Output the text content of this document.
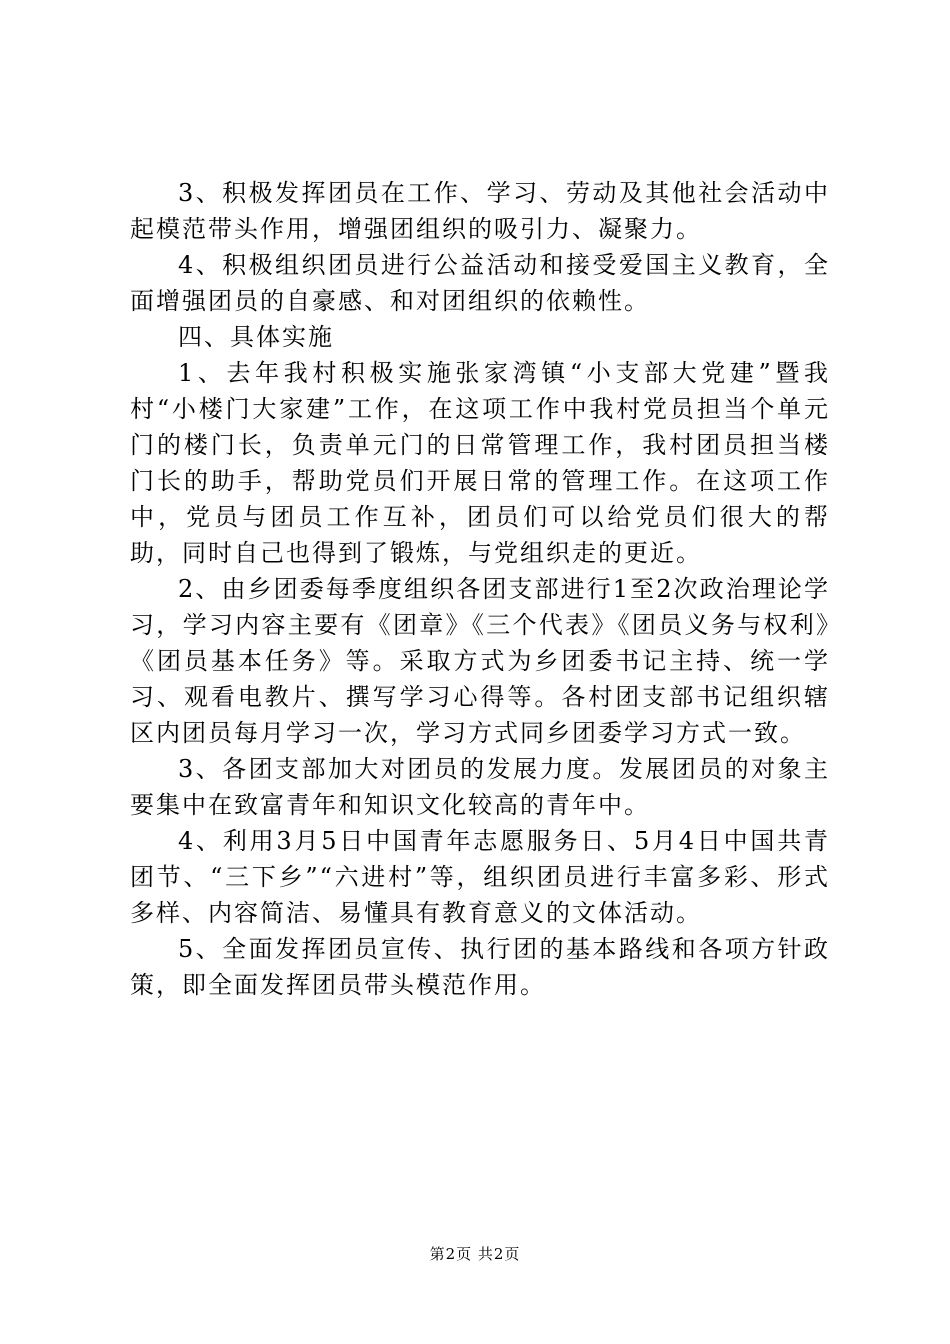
3、积极发挥团员在工作、学习、劳动及其他社会活动中起模范带头作用，增强团组织的吸引力、凝聚力。

4、积极组织团员进行公益活动和接受爱国主义教育，全面增强团员的自豪感、和对团组织的依赖性。

四、具体实施

1、去年我村积极实施张家湾镇“小支部大党建”暨我村“小楼门大家建”工作，在这项工作中我村党员担当个单元门的楼门长，负责单元门的日常管理工作，我村团员担当楼门长的助手，帮助党员们开展日常的管理工作。在这项工作中，党员与团员工作互补，团员们可以给党员们很大的帮助，同时自己也得到了锻炼，与党组织走的更近。

2、由乡团委每季度组织各团支部进行1至2次政治理论学习，学习内容主要有《团章》《三个代表》《团员义务与权利》《团员基本任务》等。采取方式为乡团委书记主持、统一学习、观看电教片、撰写学习心得等。各村团支部书记组织辖区内团员每月学习一次，学习方式同乡团委学习方式一致。

3、各团支部加大对团员的发展力度。发展团员的对象主要集中在致富青年和知识文化较高的青年中。

4、利用3月5日中国青年志愿服务日、5月4日中国共青团节、“三下乡”“六进村”等，组织团员进行丰富多彩、形式多样、内容简洁、易懂具有教育意义的文体活动。

5、全面发挥团员宣传、执行团的基本路线和各项方针政策，即全面发挥团员带头模范作用。

第2页 共2页
